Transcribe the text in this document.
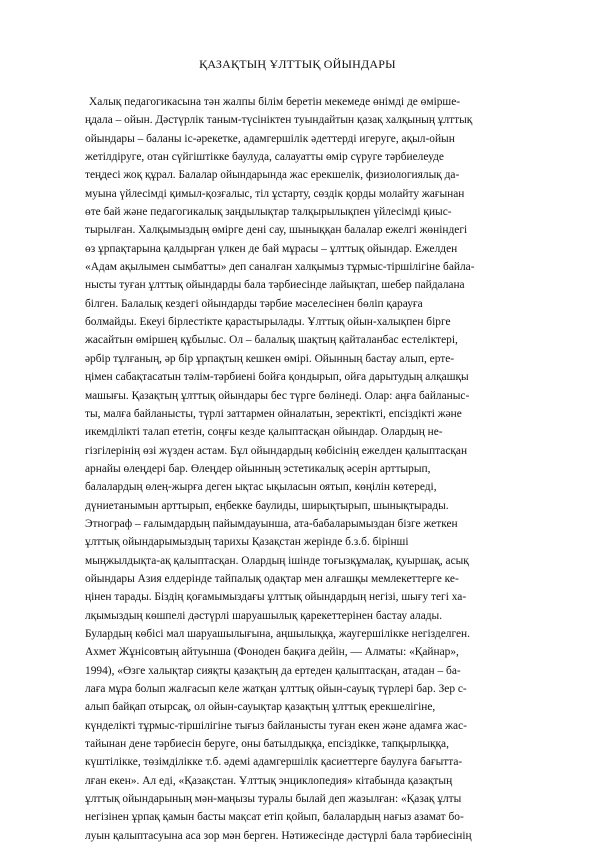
ҚАЗАҚТЫҢ ҰЛТТЫҚ ОЙЫНДАРЫ
Халық педагогикасына тән жалпы білім беретін мекемеде өнімді де өмірше-
ңдала – ойын. Дәстүрлік таным-түсініктен туындайтын қазақ халқының ұлттық
ойындары – баланы іс-әрекетке, адамгершілік әдеттерді игеруге, ақыл-ойын
жетілдіруге, отан сүйгіштікке баулуда, салауатты өмір сүруге тәрбиелеуде
теңдесі жоқ құрал. Балалар ойындарында жас ерекшелік, физиологиялық да-
муына үйлесімді қимыл-қозғалыс, тіл ұстарту, сөздік қорды молайту жағынан
өте бай және педагогикалық заңдылықтар талқырылықпен үйлесімді қиыс-
тырылған. Халқымыздың өмірге дені сау, шыныққан балалар ежелгі жөніндегі
өз ұрпақтарына қалдырған үлкен де бай мұрасы – ұлттық ойындар. Ежелден
«Адам ақылымен сымбатты» деп саналған халқымыз тұрмыс-тіршілігіне байла-
нысты туған ұлттық ойындарды бала тәрбиесінде лайықтап, шебер пайдалана
білген. Балалық кездегі ойындарды тәрбие мәселесінен бөліп қарауға
болмайды. Екеуі бірлестікте қарастырылады. Ұлттық ойын-халықпен бірге
жасайтын өміршең құбылыс. Ол – балалық шақтың қайталанбас естеліктері,
әрбір тұлғаның, әр бір ұрпақтың кешкен өмірі. Ойынның бастау алып, ерте-
ңімен сабақтасатын тәлім-тәрбиені бойға қондырып, ойға дарытудың алқашқы
машығы. Қазақтың ұлттық ойындары бес түрге бөлінеді. Олар: аңға байланыс-
ты, малға байланысты, түрлі заттармен ойналатын, зеректікті, епсіздікті және
икемділікті талап ететін, соңғы кезде қалыптасқан ойындар. Олардың не-
гізгілерінің өзі жүзден астам. Бұл ойындардың көбісінің ежелден қалыптасқан
арнайы өлеңдері бар. Өлеңдер ойынның эстетикалық әсерін арттырып,
балалардың өлең-жырға деген ықтас ықыласын оятып, көңілін көтереді,
дүниетанымын арттырып, еңбекке баулиды, ширықтырып, шынықтырады.
Этнограф – ғалымдардың пайымдауынша, ата-бабаларымыздан бізге жеткен
ұлттық ойындарымыздың тарихы Қазақстан жерінде б.з.б. бірінші
мыңжылдықта-ақ қалыптасқан. Олардың ішінде тоғызқұмалақ, қуыршақ, асық
ойындары Азия елдерінде тайпалық одақтар мен алғашқы мемлекеттерге ке-
ңінен тарады. Біздің қоғамымыздағы ұлттық ойындардың негізі, шығу тегі ха-
лқымыздың көшпелі дәстүрлі шаруашылық қарекеттерінен бастау алады.
Булардың көбісі мал шаруашылығына, аңшылыққа, жаугершілікке негізделген.
Ахмет Жұнісовтың айтуынша (Фоноден бақиға дейін, — Алматы: «Қайнар»,
1994), «Өзге халықтар сияқты қазақтың да ертеден қалыптасқан, атадан – ба-
лаға мұра болып жалғасып келе жатқан ұлттық ойын-сауық түрлері бар. Зер с-
алып байқап отырсақ, ол ойын-сауықтар қазақтың ұлттық ерекшелігіне,
күнделікті тұрмыс-тіршілігіне тығыз байланысты туған екен және адамға жас-
тайынан дене тәрбиесін беруге, оны батылдыққа, епсіздікке, тапқырлыққа,
күштілікке, төзімділікке т.б. әдемі адамгершілік қасиеттерге баулуға бағытта-
лған екен». Ал еді, «Қазақстан. Ұлттық энциклопедия» кітабында қазақтың
ұлттық ойындарының мән-маңызы туралы былай деп жазылған: «Қазақ ұлты
негізінен ұрпақ қамын басты мақсат етіп қойып, балалардың нағыз азамат бо-
луын қалыптасуына аса зор мән берген. Нәтижесінде дәстүрлі бала тәрбиесінің
